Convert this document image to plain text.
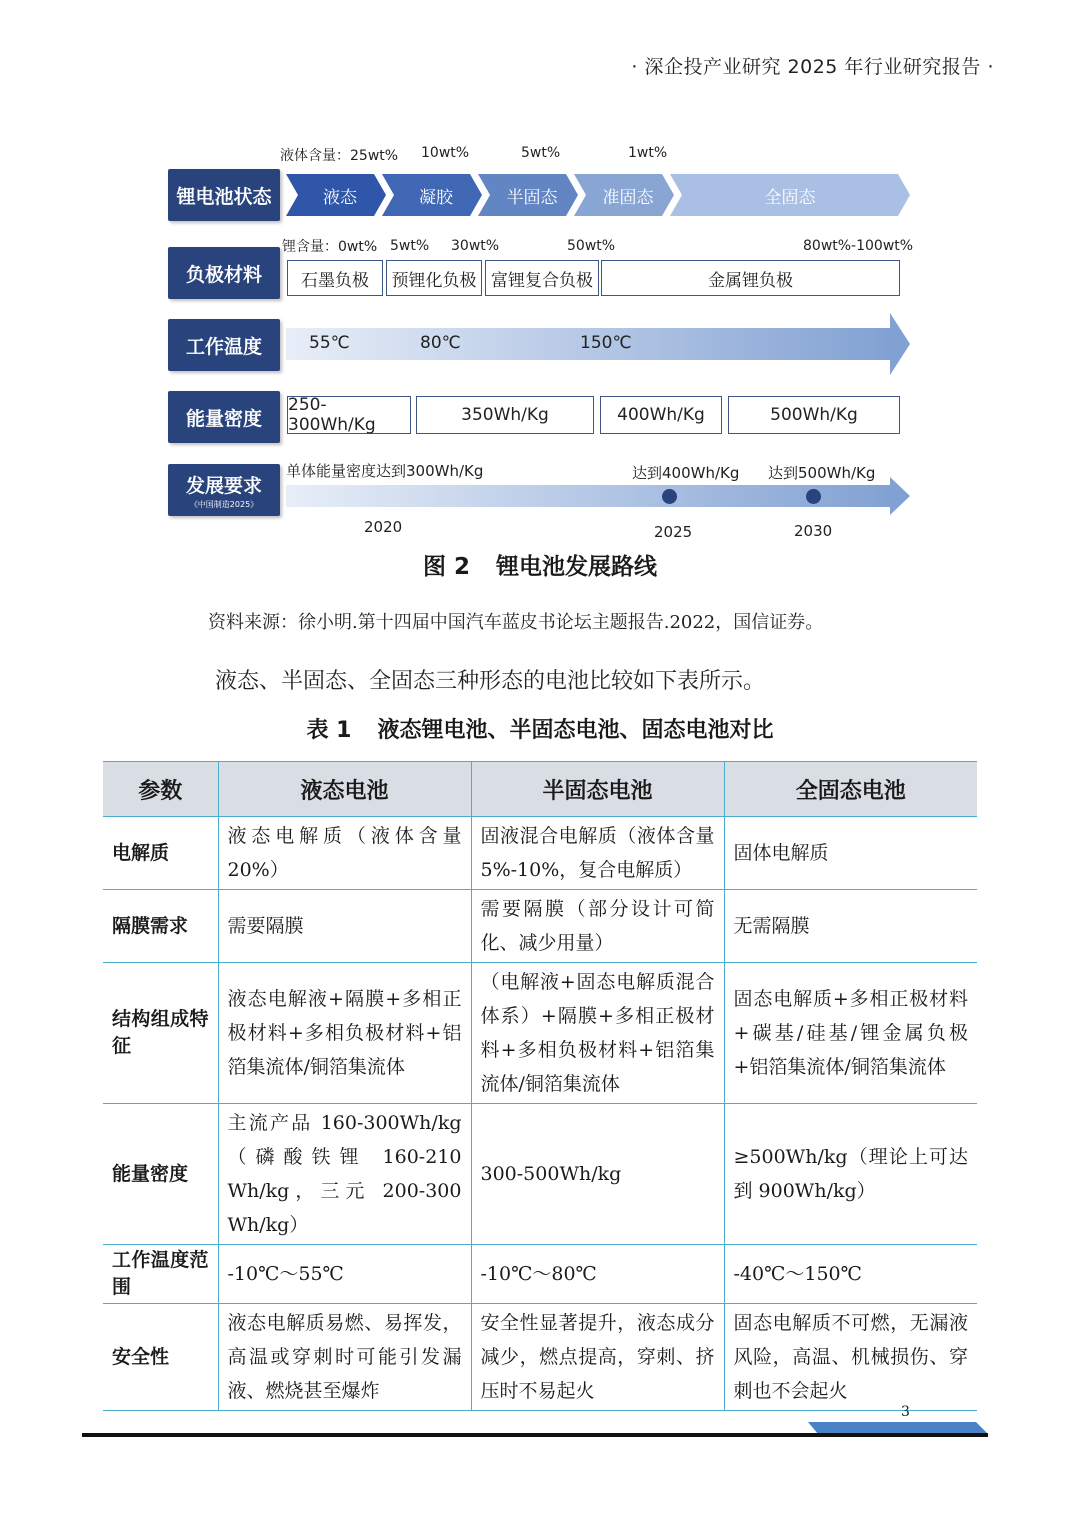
· 深企投产业研究 2025 年行业研究报告 ·
锂电池状态
负极材料
工作温度
能量密度
发展要求
《中国制造2025》
液体含量：25wt% 10wt%	5wt%	1wt%
液态	凝胶	半固态	准固态	全固态
锂含量：0wt% 5wt% 30wt%	50wt%	80wt%-100wt%
石墨负极	预锂化负极 富锂复合负极	金属锂负极
55℃	80℃	150℃
250-300Wh/Kg	350Wh/Kg	400Wh/Kg	500Wh/Kg
单体能量密度达到300Wh/Kg	达到400Wh/Kg 达到500Wh/Kg
2020	2025	2030
图 2 锂电池发展路线
资料来源：徐小明.第十四届中国汽车蓝皮书论坛主题报告.2022，国信证券。
液态、半固态、全固态三种形态的电池比较如下表所示。
表 1 液态锂电池、半固态电池、固态电池对比
参数	液态电池	半固态电池	全固态电池
电解质	液态电解质（液体含量20%）	固液混合电解质（液体含量 5%-10%，复合电解质）	固体电解质
隔膜需求	需要隔膜	需要隔膜（部分设计可简化、减少用量）	无需隔膜
结构组成特征	液态电解液+隔膜+多相正极材料+多相负极材料+铝箔集流体/铜箔集流体	（电解液+固态电解质混合体系）+隔膜+多相正极材料+多相负极材料+铝箔集流体/铜箔集流体	固态电解质+多相正极材料+碳基/硅基/锂金属负极+铝箔集流体/铜箔集流体
能量密度	主流产品 160-300Wh/kg（磷酸铁锂 160-210 Wh/kg，三元 200-300 Wh/kg）	300-500Wh/kg	≥500Wh/kg（理论上可达到 900Wh/kg）
工作温度范围	-10℃～55℃	-10℃～80℃	-40℃～150℃
安全性	液态电解质易燃、易挥发，高温或穿刺时可能引发漏液、燃烧甚至爆炸	安全性显著提升，液态成分减少，燃点提高，穿刺、挤压时不易起火	固态电解质不可燃，无漏液风险，高温、机械损伤、穿刺也不会起火
3
